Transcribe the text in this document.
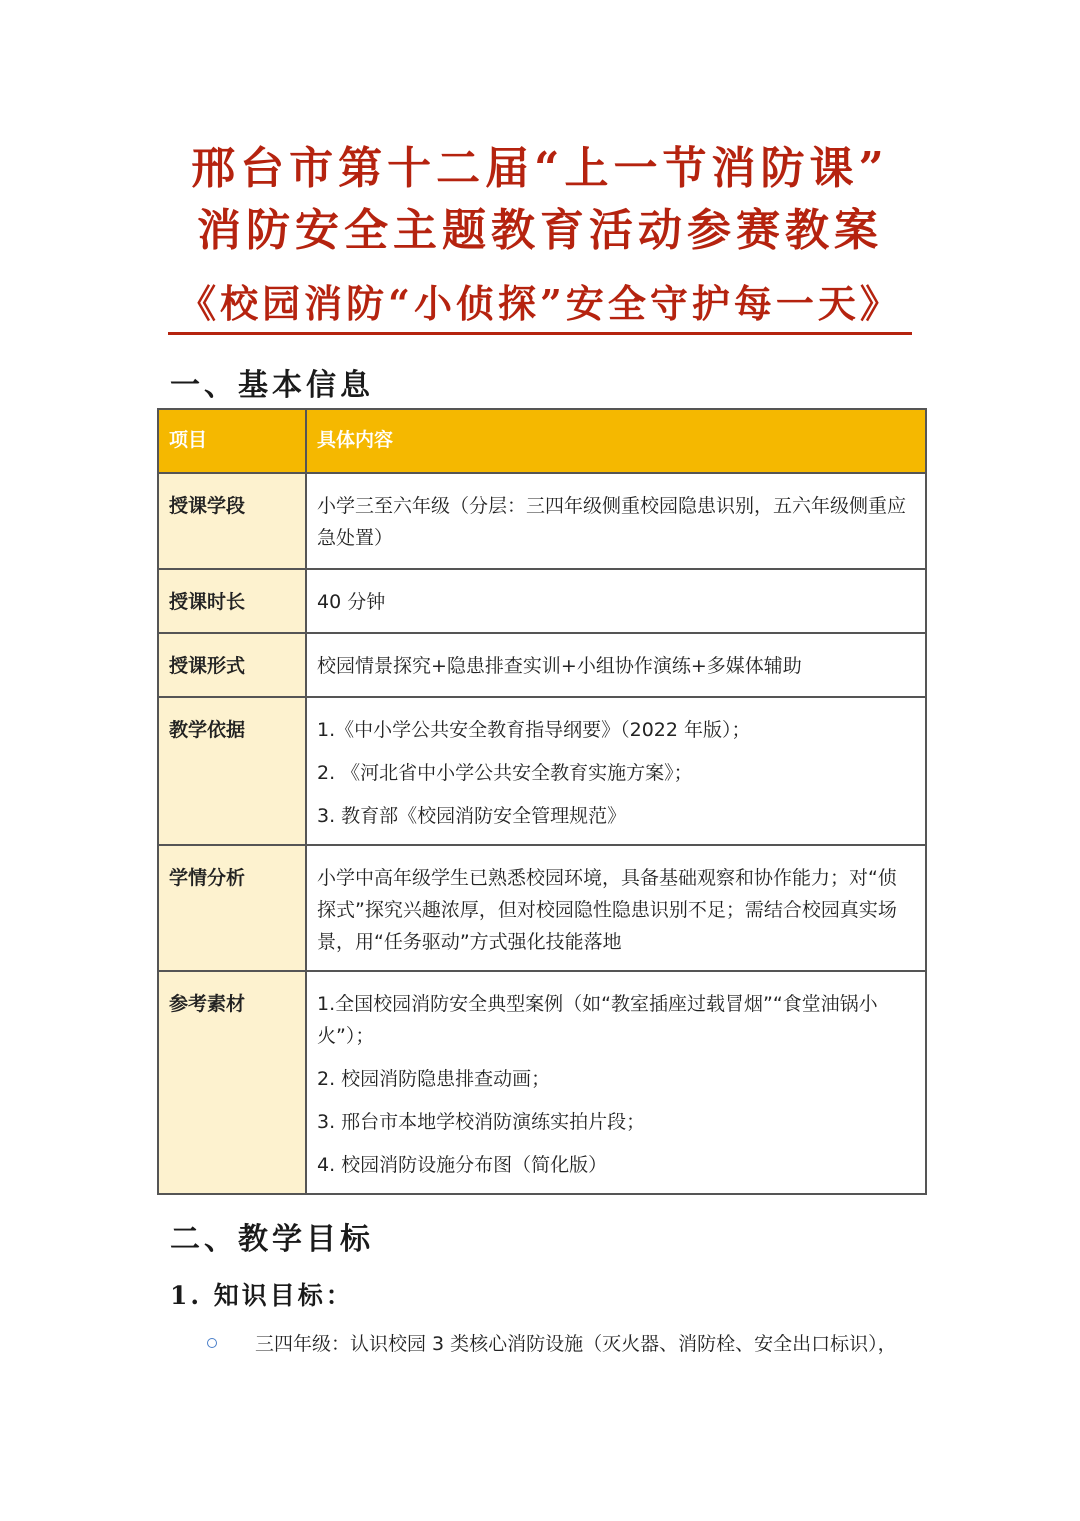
邢台市第十二届“上一节消防课”

消防安全主题教育活动参赛教案

《校园消防“小侦探”安全守护每一天》
一、基本信息
项目	具体内容
授课学段	小学三至六年级（分层：三四年级侧重校园隐患识别，五六年级侧重应急处置）

授课时长	40 分钟

授课形式	校园情景探究+隐患排查实训+小组协作演练+多媒体辅助

教学依据	1.《中小学公共安全教育指导纲要》（2022 年版）；
2. 《河北省中小学公共安全教育实施方案》；
3. 教育部《校园消防安全管理规范》

学情分析	小学中高年级学生已熟悉校园环境，具备基础观察和协作能力；对“侦探式”探究兴趣浓厚，但对校园隐性隐患识别不足；需结合校园真实场景，用“任务驱动”方式强化技能落地

参考素材	1.全国校园消防安全典型案例（如“教室插座过载冒烟”“食堂油锅小火”）；
2. 校园消防隐患排查动画；
3. 邢台市本地学校消防演练实拍片段；
4. 校园消防设施分布图（简化版）
二、教学目标
1. 知识目标：
三四年级：认识校园 3 类核心消防设施（灭火器、消防栓、安全出口标识），
